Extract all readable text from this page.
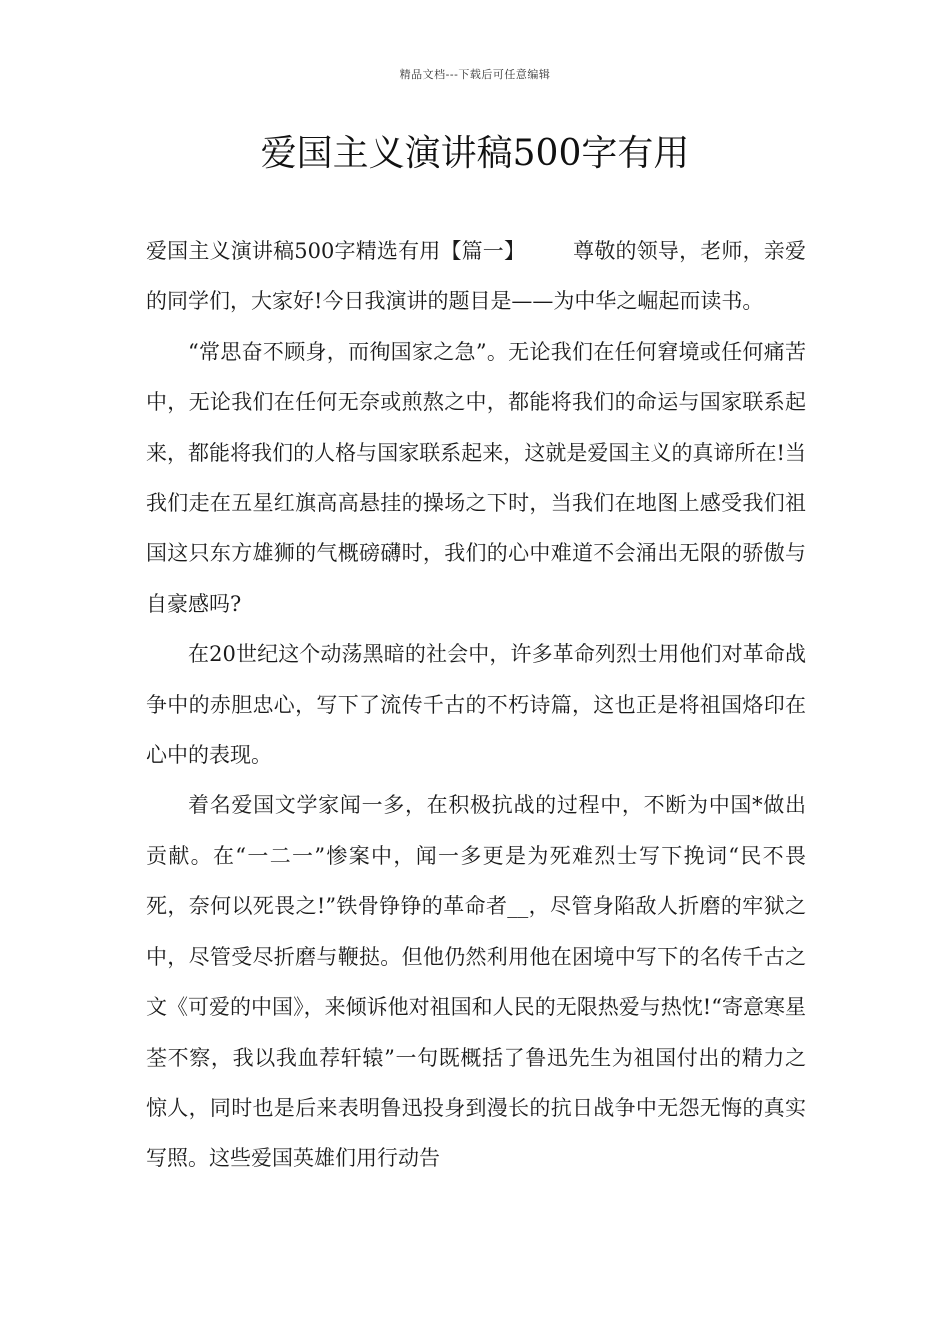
精品文档---下载后可任意编辑
爱国主义演讲稿500字有用

爱国主义演讲稿500字精选有用【篇一】 尊敬的领导，老师，亲爱的同学们，大家好!今日我演讲的题目是——为中华之崛起而读书。

“常思奋不顾身，而徇国家之急”。无论我们在任何窘境或任何痛苦中，无论我们在任何无奈或煎熬之中，都能将我们的命运与国家联系起来，都能将我们的人格与国家联系起来，这就是爱国主义的真谛所在!当我们走在五星红旗高高悬挂的操场之下时，当我们在地图上感受我们祖国这只东方雄狮的气概磅礴时，我们的心中难道不会涌出无限的骄傲与自豪感吗?

在20世纪这个动荡黑暗的社会中，许多革命列烈士用他们对革命战争中的赤胆忠心，写下了流传千古的不朽诗篇，这也正是将祖国烙印在心中的表现。

着名爱国文学家闻一多，在积极抗战的过程中，不断为中国*做出贡献。在“一二一”惨案中，闻一多更是为死难烈士写下挽词“民不畏死，奈何以死畏之!”铁骨铮铮的革命者__，尽管身陷敌人折磨的牢狱之中，尽管受尽折磨与鞭挞。但他仍然利用他在困境中写下的名传千古之文《可爱的中国》，来倾诉他对祖国和人民的无限热爱与热忱!“寄意寒星荃不察，我以我血荐轩辕”一句既概括了鲁迅先生为祖国付出的精力之惊人，同时也是后来表明鲁迅投身到漫长的抗日战争中无怨无悔的真实写照。这些爱国英雄们用行动告
